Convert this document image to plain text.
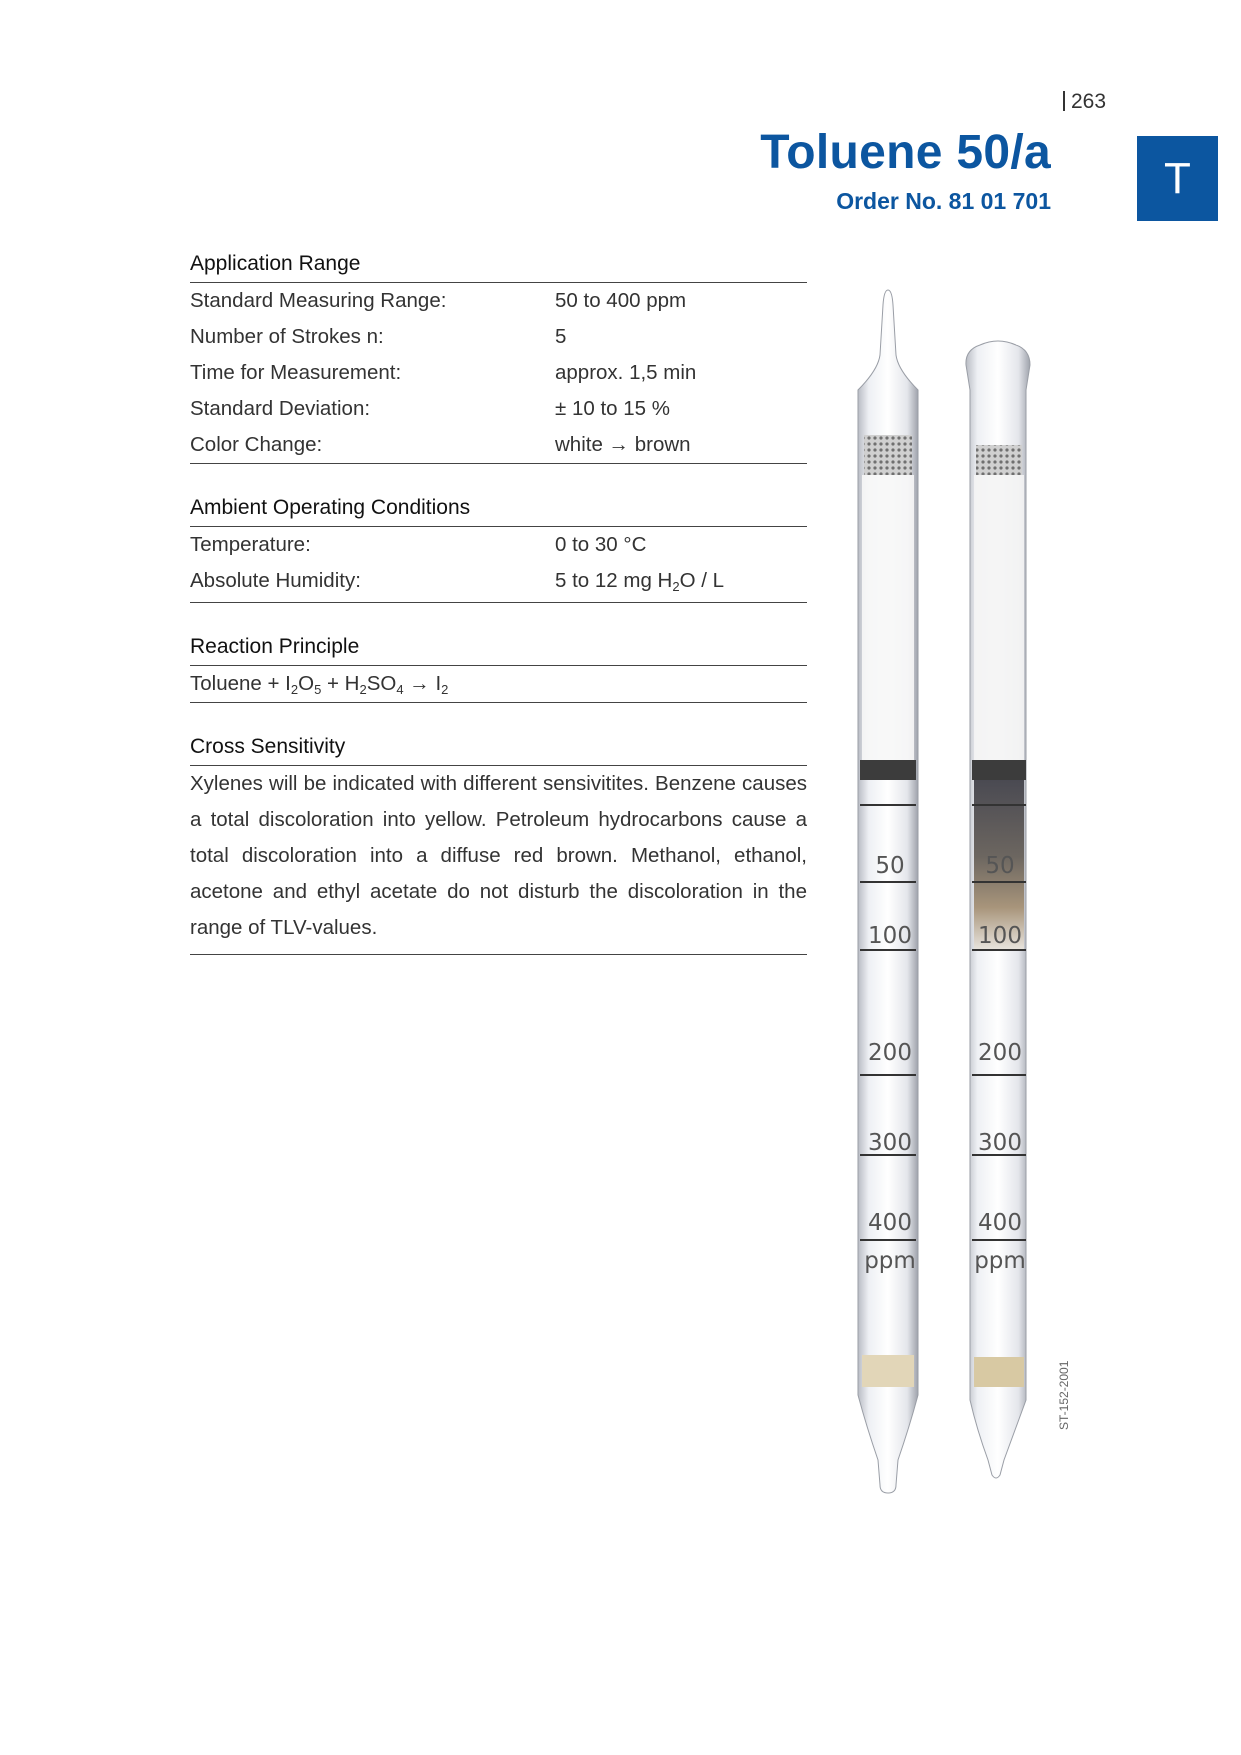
263
Toluene 50/a
Order No. 81 01 701	T
Application Range
Standard Measuring Range:	50 to 400 ppm
Number of Strokes n:	5
Time for Measurement:	approx. 1,5 min
Standard Deviation:	± 10 to 15 %
Color Change:	white → brown
Ambient Operating Conditions
Temperature:	0 to 30 °C
Absolute Humidity:	5 to 12 mg $H_2O$ / L
Reaction Principle
Toluene + $I_2O_5 + H_2SO_4 \to I_2$
Cross Sensitivity
Xylenes will be indicated with different sensivitites. Benzene causes a total discoloration into yellow. Petroleum hydrocarbons cause a total discoloration into a diffuse red brown. Methanol, ethanol, acetone and ethyl acetate do not disturb the discoloration in the range of TLV-values.
50
100
200
300
400
ppm
50
100
200
300
400
ppm
ST-152-2001
